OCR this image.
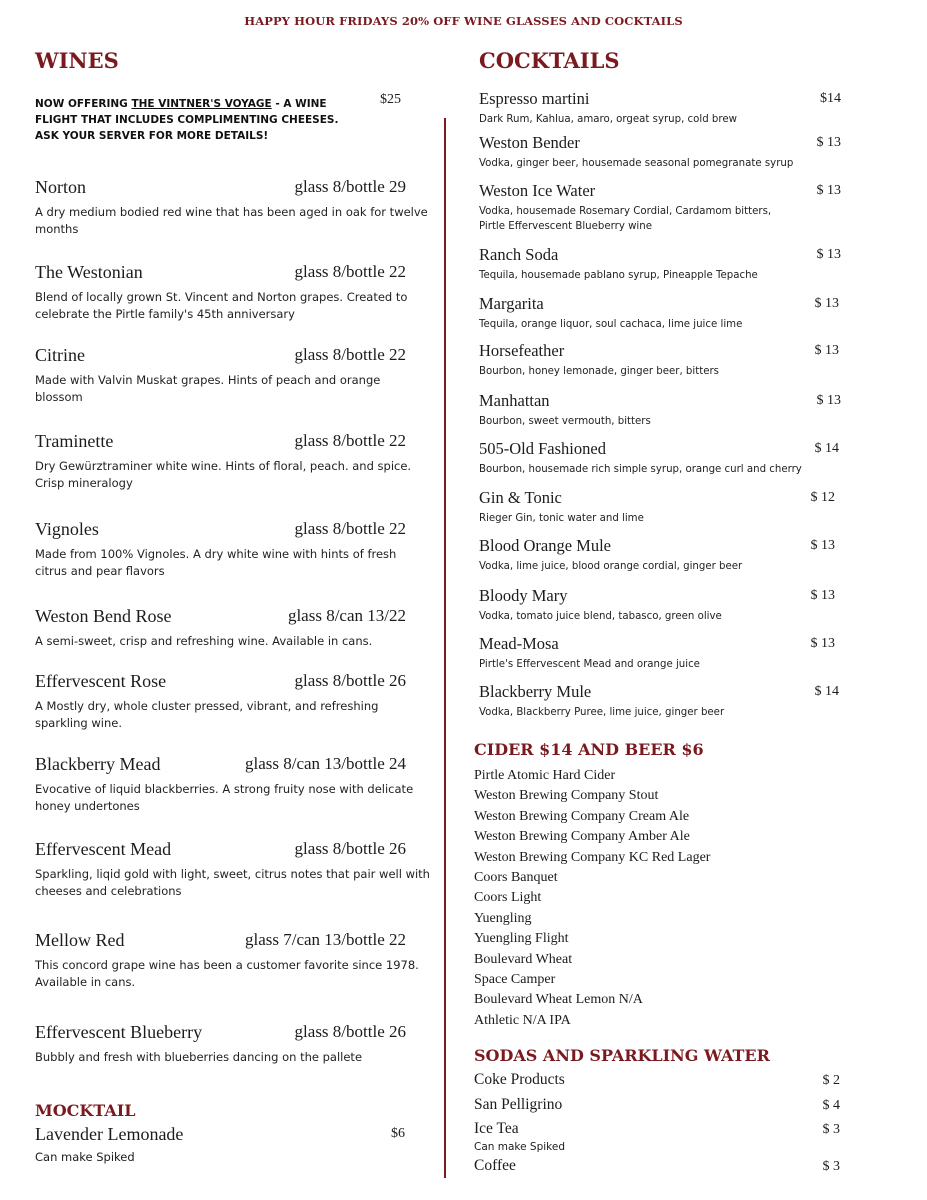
HAPPY HOUR FRIDAYS 20% OFF WINE GLASSES AND COCKTAILS
WINES	COCKTAILS
NOW OFFERING THE VINTNER'S VOYAGE - A WINE FLIGHT THAT INCLUDES COMPLIMENTING CHEESES. ASK YOUR SERVER FOR MORE DETAILS!
$25
Norton	glass 8/bottle 29
A dry medium bodied red wine that has been aged in oak for twelve months
The Westonian	glass 8/bottle 22
Blend of locally grown St. Vincent and Norton grapes. Created to celebrate the Pirtle family's 45th anniversary
Citrine	glass 8/bottle 22
Made with Valvin Muskat grapes. Hints of peach and orange blossom
Traminette	glass 8/bottle 22
Dry Gewürztraminer white wine. Hints of floral, peach. and spice. Crisp mineralogy
Vignoles	glass 8/bottle 22
Made from 100% Vignoles. A dry white wine with hints of fresh citrus and pear flavors
Weston Bend Rose	glass 8/can 13/22
A semi-sweet, crisp and refreshing wine. Available in cans.
Effervescent Rose	glass 8/bottle 26
A Mostly dry, whole cluster pressed, vibrant, and refreshing sparkling wine.
Blackberry Mead	glass 8/can 13/bottle 24
Evocative of liquid blackberries. A strong fruity nose with delicate honey undertones
Effervescent Mead	glass 8/bottle 26
Sparkling, liqid gold with light, sweet, citrus notes that pair well with cheeses and celebrations
Mellow Red	glass 7/can 13/bottle 22
This concord grape wine has been a customer favorite since 1978. Available in cans.
Effervescent Blueberry	glass 8/bottle 26
Bubbly and fresh with blueberries dancing on the pallete
MOCKTAIL
Lavender Lemonade	$6
Can make Spiked
Espresso martini	$14
Dark Rum, Kahlua, amaro, orgeat syrup, cold brew
Weston Bender	$ 13
Vodka, ginger beer, housemade seasonal pomegranate syrup
Weston Ice Water	$ 13
Vodka, housemade Rosemary Cordial, Cardamom bitters, Pirtle Effervescent Blueberry wine
Ranch Soda	$ 13
Tequila, housemade pablano syrup, Pineapple Tepache
Margarita	$ 13
Tequila, orange liquor, soul cachaca, lime juice lime
Horsefeather	$ 13
Bourbon, honey lemonade, ginger beer, bitters
Manhattan	$ 13
Bourbon, sweet vermouth, bitters
505-Old Fashioned	$ 14
Bourbon, housemade rich simple syrup, orange curl and cherry
Gin & Tonic	$ 12
Rieger Gin, tonic water and lime
Blood Orange Mule	$ 13
Vodka, lime juice, blood orange cordial, ginger beer
Bloody Mary	$ 13
Vodka, tomato juice blend, tabasco, green olive
Mead-Mosa	$ 13
Pirtle's Effervescent Mead and orange juice
Blackberry Mule	$ 14
Vodka, Blackberry Puree, lime juice, ginger beer
CIDER $14 AND BEER $6
Pirtle Atomic Hard Cider
Weston Brewing Company Stout
Weston Brewing Company Cream Ale
Weston Brewing Company Amber Ale
Weston Brewing Company KC Red Lager
Coors Banquet
Coors Light
Yuengling
Yuengling Flight
Boulevard Wheat
Space Camper
Boulevard Wheat Lemon N/A
Athletic N/A IPA
SODAS AND SPARKLING WATER
Coke Products	$ 2
San Pelligrino	$ 4
Ice Tea	$ 3
Can make Spiked
Coffee	$ 3
